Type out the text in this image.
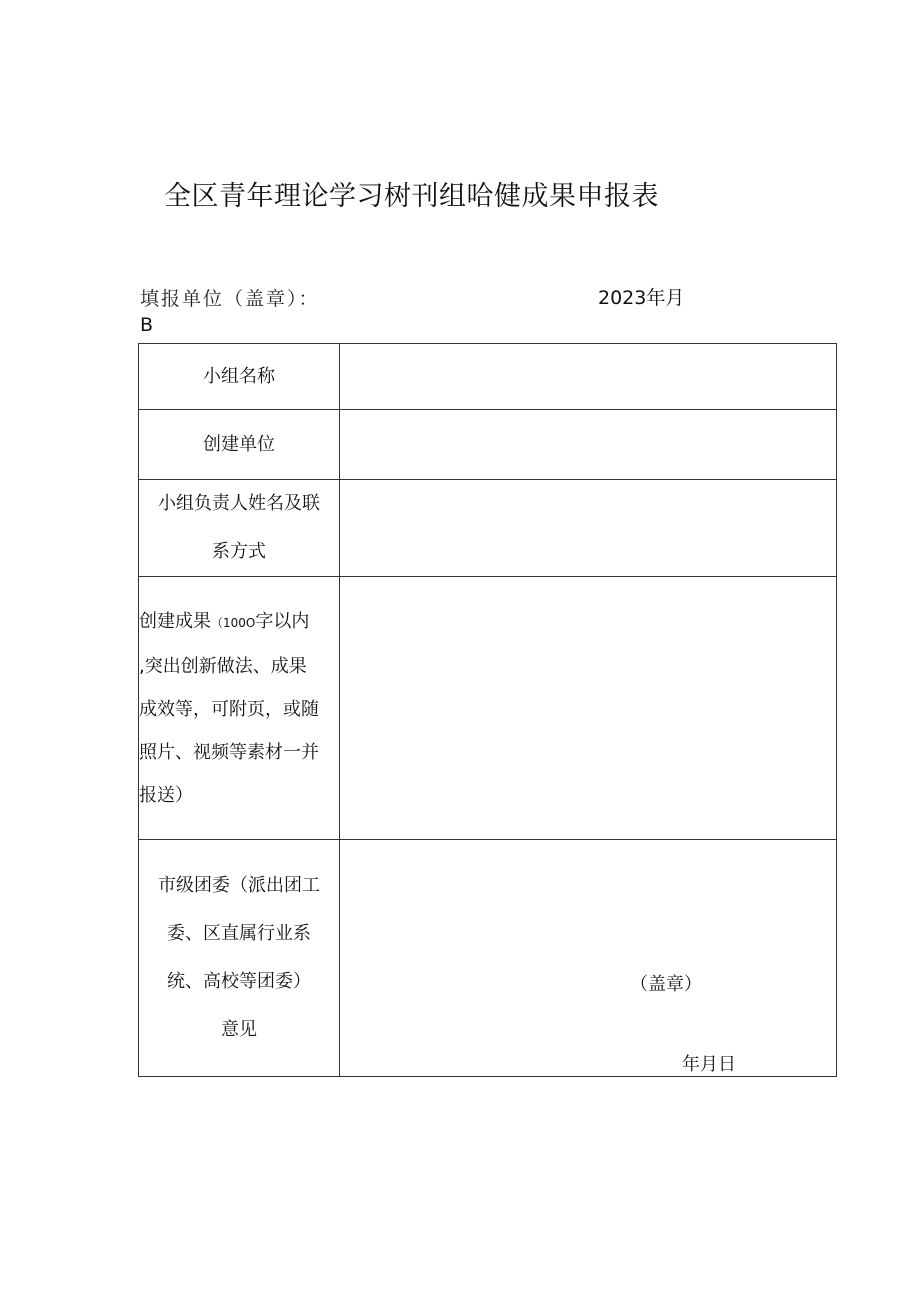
全区青年理论学习树刊组哈健成果申报表
填报单位（盖章）：	2023年月
B
小组名称	
创建单位	

小组负责人姓名及联
系方式	

创建成果（100O字以内
,突出创新做法、成果
成效等，可附页，或随
照片、视频等素材一并
报送）	

市级团委（派出团工
委、区直属行业系
统、高校等团委）
意见	（盖章）
年月日
